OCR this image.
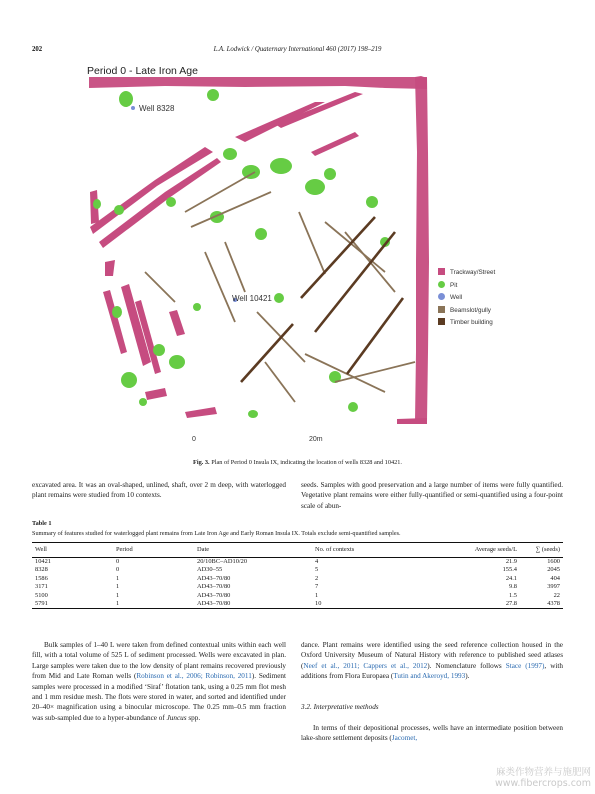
202	L.A. Lodwick / Quaternary International 460 (2017) 198–219
Period 0 - Late Iron Age
Well 8328
Well 10421
0	20m
Trackway/Street
Pit
Well
Beamslot/gully
Timber building
Fig. 3. Plan of Period 0 Insula IX, indicating the location of wells 8328 and 10421.
excavated area. It was an oval-shaped, unlined, shaft, over 2 m deep, with waterlogged plant remains were studied from 10 contexts.
seeds. Samples with good preservation and a large number of items were fully quantified. Vegetative plant remains were either fully-quantified or semi-quantified using a four-point scale of abun-
Table 1
Summary of features studied for waterlogged plant remains from Late Iron Age and Early Roman Insula IX. Totals exclude semi-quantified samples.
Well	Period	Date	No. of contexts	Average seeds/L	∑ (seeds)
10421	0	20/10BC–AD10/20	4	21.9	1600
8328	0	AD30–55	5	155.4	2045
1586	1	AD43–70/80	2	24.1	404
3171	1	AD43–70/80	7	9.8	3997
5100	1	AD43–70/80	1	1.5	22
5791	1	AD43–70/80	10	27.8	4378
Bulk samples of 1–40 L were taken from defined contextual units within each well fill, with a total volume of 525 L of sediment processed. Wells were excavated in plan. Large samples were taken due to the low density of plant remains recovered previously from Mid and Late Roman wells (Robinson et al., 2006; Robinson, 2011). Sediment samples were processed in a modified ‘Siraf’ flotation tank, using a 0.25 mm flot mesh and 1 mm residue mesh. The flots were stored in water, and sorted and identified under 20–40× magnification using a binocular microscope. The 0.25 mm–0.5 mm fraction was sub-sampled due to a hyper-abundance of Juncus spp.
dance. Plant remains were identified using the seed reference collection housed in the Oxford University Museum of Natural History with reference to published seed atlases (Neef et al., 2011; Cappers et al., 2012). Nomenclature follows Stace (1997), with additions from Flora Europaea (Tutin and Akeroyd, 1993).
3.2. Interpretative methods
In terms of their depositional processes, wells have an intermediate position between lake-shore settlement deposits (Jacomet,
麻类作物营养与施肥网
www.fibercrops.com
